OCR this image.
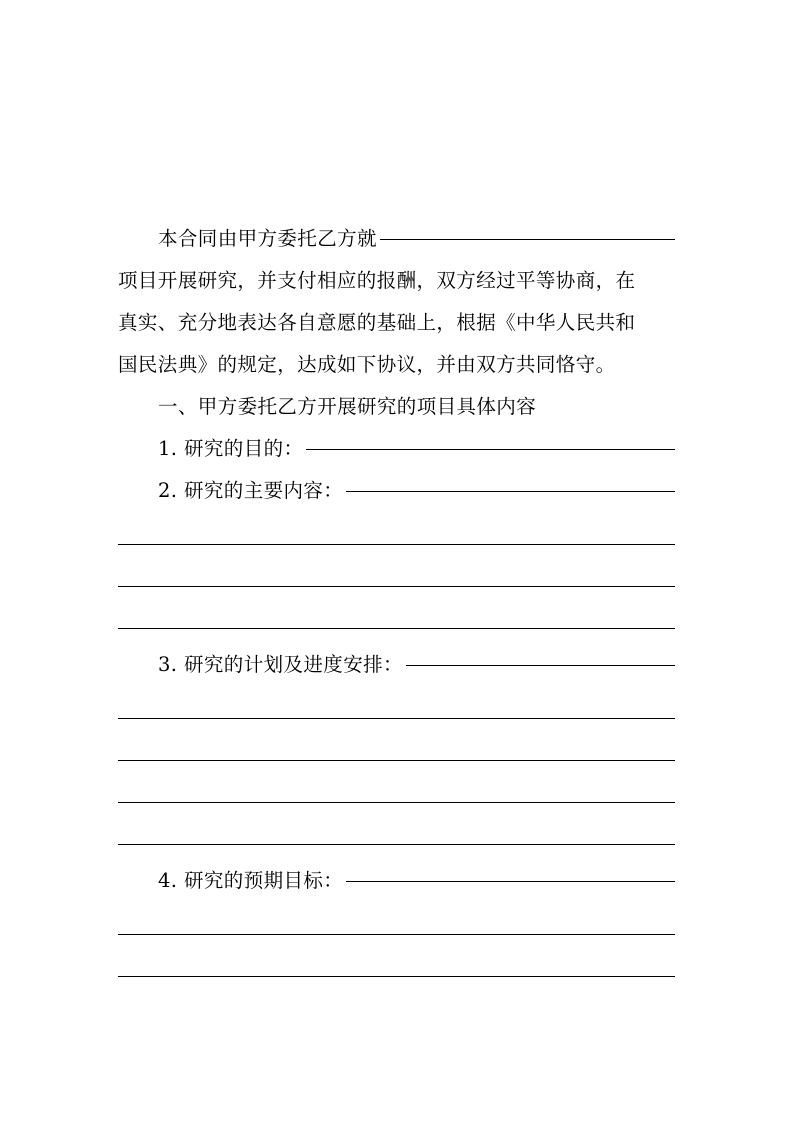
本合同由甲方委托乙方就
项目开展研究，并支付相应的报酬，双方经过平等协商，在
真实、充分地表达各自意愿的基础上，根据《中华人民共和
国民法典》的规定，达成如下协议，并由双方共同恪守。
一、甲方委托乙方开展研究的项目具体内容
1. 研究的目的：
2. 研究的主要内容：
3. 研究的计划及进度安排：
4. 研究的预期目标：
